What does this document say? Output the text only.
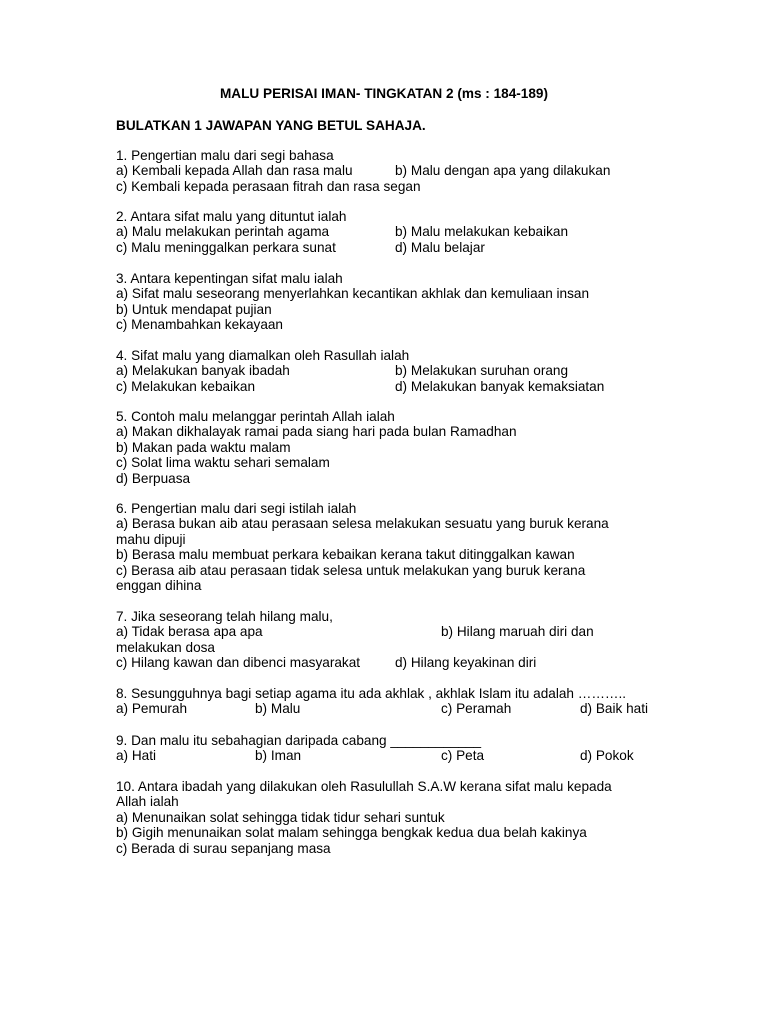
MALU PERISAI IMAN- TINGKATAN 2 (ms : 184-189)
BULATKAN 1 JAWAPAN YANG BETUL SAHAJA.
1. Pengertian malu dari segi bahasa
a) Kembali kepada Allah dan rasa malu	b) Malu dengan apa yang dilakukan
c) Kembali kepada perasaan fitrah dan rasa segan
2. Antara sifat malu yang dituntut ialah
a) Malu melakukan perintah agama	b) Malu melakukan kebaikan
c) Malu meninggalkan perkara sunat	d) Malu belajar
3. Antara kepentingan sifat malu ialah
a) Sifat malu seseorang menyerlahkan kecantikan akhlak dan kemuliaan insan
b) Untuk mendapat pujian
c) Menambahkan kekayaan
4. Sifat malu yang diamalkan oleh Rasullah ialah
a) Melakukan banyak ibadah	b) Melakukan suruhan orang
c) Melakukan kebaikan	d) Melakukan banyak kemaksiatan
5. Contoh malu melanggar perintah Allah ialah
a) Makan dikhalayak ramai pada siang hari pada bulan Ramadhan
b) Makan pada waktu malam
c) Solat lima waktu sehari semalam
d) Berpuasa
6. Pengertian malu dari segi istilah ialah
a) Berasa bukan aib atau perasaan selesa melakukan sesuatu yang buruk kerana
mahu dipuji
b) Berasa malu membuat perkara kebaikan kerana takut ditinggalkan kawan
c) Berasa aib atau perasaan tidak selesa untuk melakukan yang buruk kerana
enggan dihina
7. Jika seseorang telah hilang malu,
a) Tidak berasa apa apa	b) Hilang maruah diri dan
melakukan dosa
c) Hilang kawan dan dibenci masyarakat	d) Hilang keyakinan diri
8. Sesungguhnya bagi setiap agama itu ada akhlak , akhlak Islam itu adalah ………..
a) Pemurah	b) Malu	c) Peramah	d) Baik hati
9. Dan malu itu sebahagian daripada cabang ____________
a) Hati	b) Iman	c) Peta	d) Pokok
10. Antara ibadah yang dilakukan oleh Rasulullah S.A.W kerana sifat malu kepada
Allah ialah
a) Menunaikan solat sehingga tidak tidur sehari suntuk
b) Gigih menunaikan solat malam sehingga bengkak kedua dua belah kakinya
c) Berada di surau sepanjang masa
